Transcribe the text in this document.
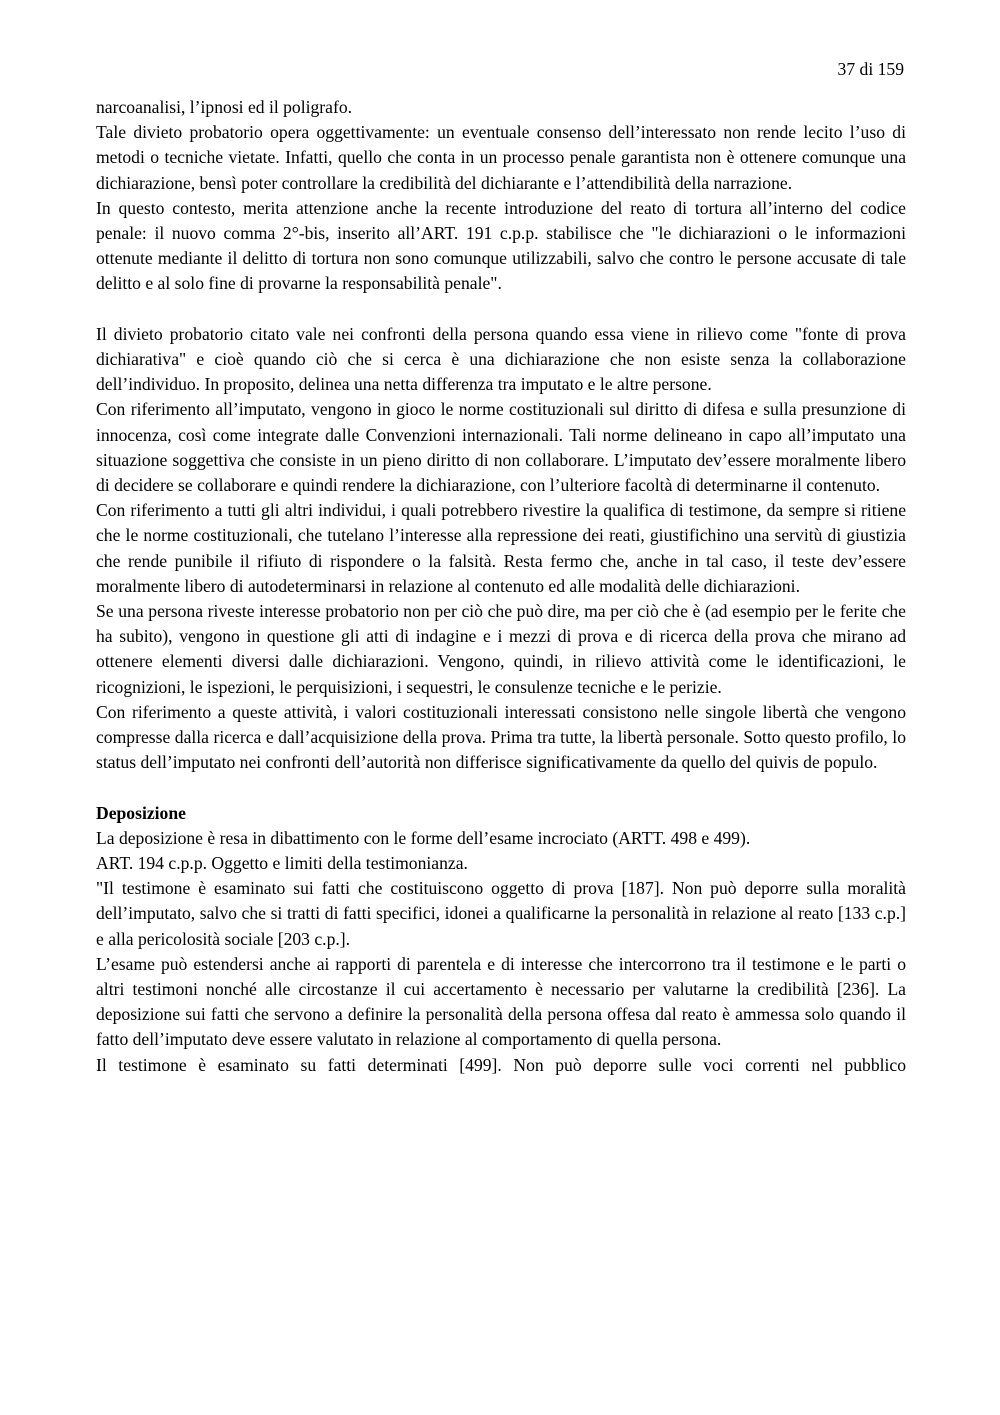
37 di 159

narcoanalisi, l’ipnosi ed il poligrafo.

Tale divieto probatorio opera oggettivamente: un eventuale consenso dell’interessato non rende lecito l’uso di metodi o tecniche vietate. Infatti, quello che conta in un processo penale garantista non è ottenere comunque una dichiarazione, bensì poter controllare la credibilità del dichiarante e l’attendibilità della narrazione.

In questo contesto, merita attenzione anche la recente introduzione del reato di tortura all’interno del codice penale: il nuovo comma 2°-bis, inserito all’ART. 191 c.p.p. stabilisce che "le dichiarazioni o le informazioni ottenute mediante il delitto di tortura non sono comunque utilizzabili, salvo che contro le persone accusate di tale delitto e al solo fine di provarne la responsabilità penale".

Il divieto probatorio citato vale nei confronti della persona quando essa viene in rilievo come "fonte di prova dichiarativa" e cioè quando ciò che si cerca è una dichiarazione che non esiste senza la collaborazione dell’individuo. In proposito, delinea una netta differenza tra imputato e le altre persone.

Con riferimento all’imputato, vengono in gioco le norme costituzionali sul diritto di difesa e sulla presunzione di innocenza, così come integrate dalle Convenzioni internazionali. Tali norme delineano in capo all’imputato una situazione soggettiva che consiste in un pieno diritto di non collaborare. L’imputato dev’essere moralmente libero di decidere se collaborare e quindi rendere la dichiarazione, con l’ulteriore facoltà di determinarne il contenuto.

Con riferimento a tutti gli altri individui, i quali potrebbero rivestire la qualifica di testimone, da sempre si ritiene che le norme costituzionali, che tutelano l’interesse alla repressione dei reati, giustifichino una servitù di giustizia che rende punibile il rifiuto di rispondere o la falsità. Resta fermo che, anche in tal caso, il teste dev’essere moralmente libero di autodeterminarsi in relazione al contenuto ed alle modalità delle dichiarazioni.

Se una persona riveste interesse probatorio non per ciò che può dire, ma per ciò che è (ad esempio per le ferite che ha subito), vengono in questione gli atti di indagine e i mezzi di prova e di ricerca della prova che mirano ad ottenere elementi diversi dalle dichiarazioni. Vengono, quindi, in rilievo attività come le identificazioni, le ricognizioni, le ispezioni, le perquisizioni, i sequestri, le consulenze tecniche e le perizie.

Con riferimento a queste attività, i valori costituzionali interessati consistono nelle singole libertà che vengono compresse dalla ricerca e dall’acquisizione della prova. Prima tra tutte, la libertà personale. Sotto questo profilo, lo status dell’imputato nei confronti dell’autorità non differisce significativamente da quello del quivis de populo.

Deposizione

La deposizione è resa in dibattimento con le forme dell’esame incrociato (ARTT. 498 e 499).

ART. 194 c.p.p. Oggetto e limiti della testimonianza.

"Il testimone è esaminato sui fatti che costituiscono oggetto di prova [187]. Non può deporre sulla moralità dell’imputato, salvo che si tratti di fatti specifici, idonei a qualificarne la personalità in relazione al reato [133 c.p.] e alla pericolosità sociale [203 c.p.].

L’esame può estendersi anche ai rapporti di parentela e di interesse che intercorrono tra il testimone e le parti o altri testimoni nonché alle circostanze il cui accertamento è necessario per valutarne la credibilità [236]. La deposizione sui fatti che servono a definire la personalità della persona offesa dal reato è ammessa solo quando il fatto dell’imputato deve essere valutato in relazione al comportamento di quella persona.

Il testimone è esaminato su fatti determinati [499]. Non può deporre sulle voci correnti nel pubblico
